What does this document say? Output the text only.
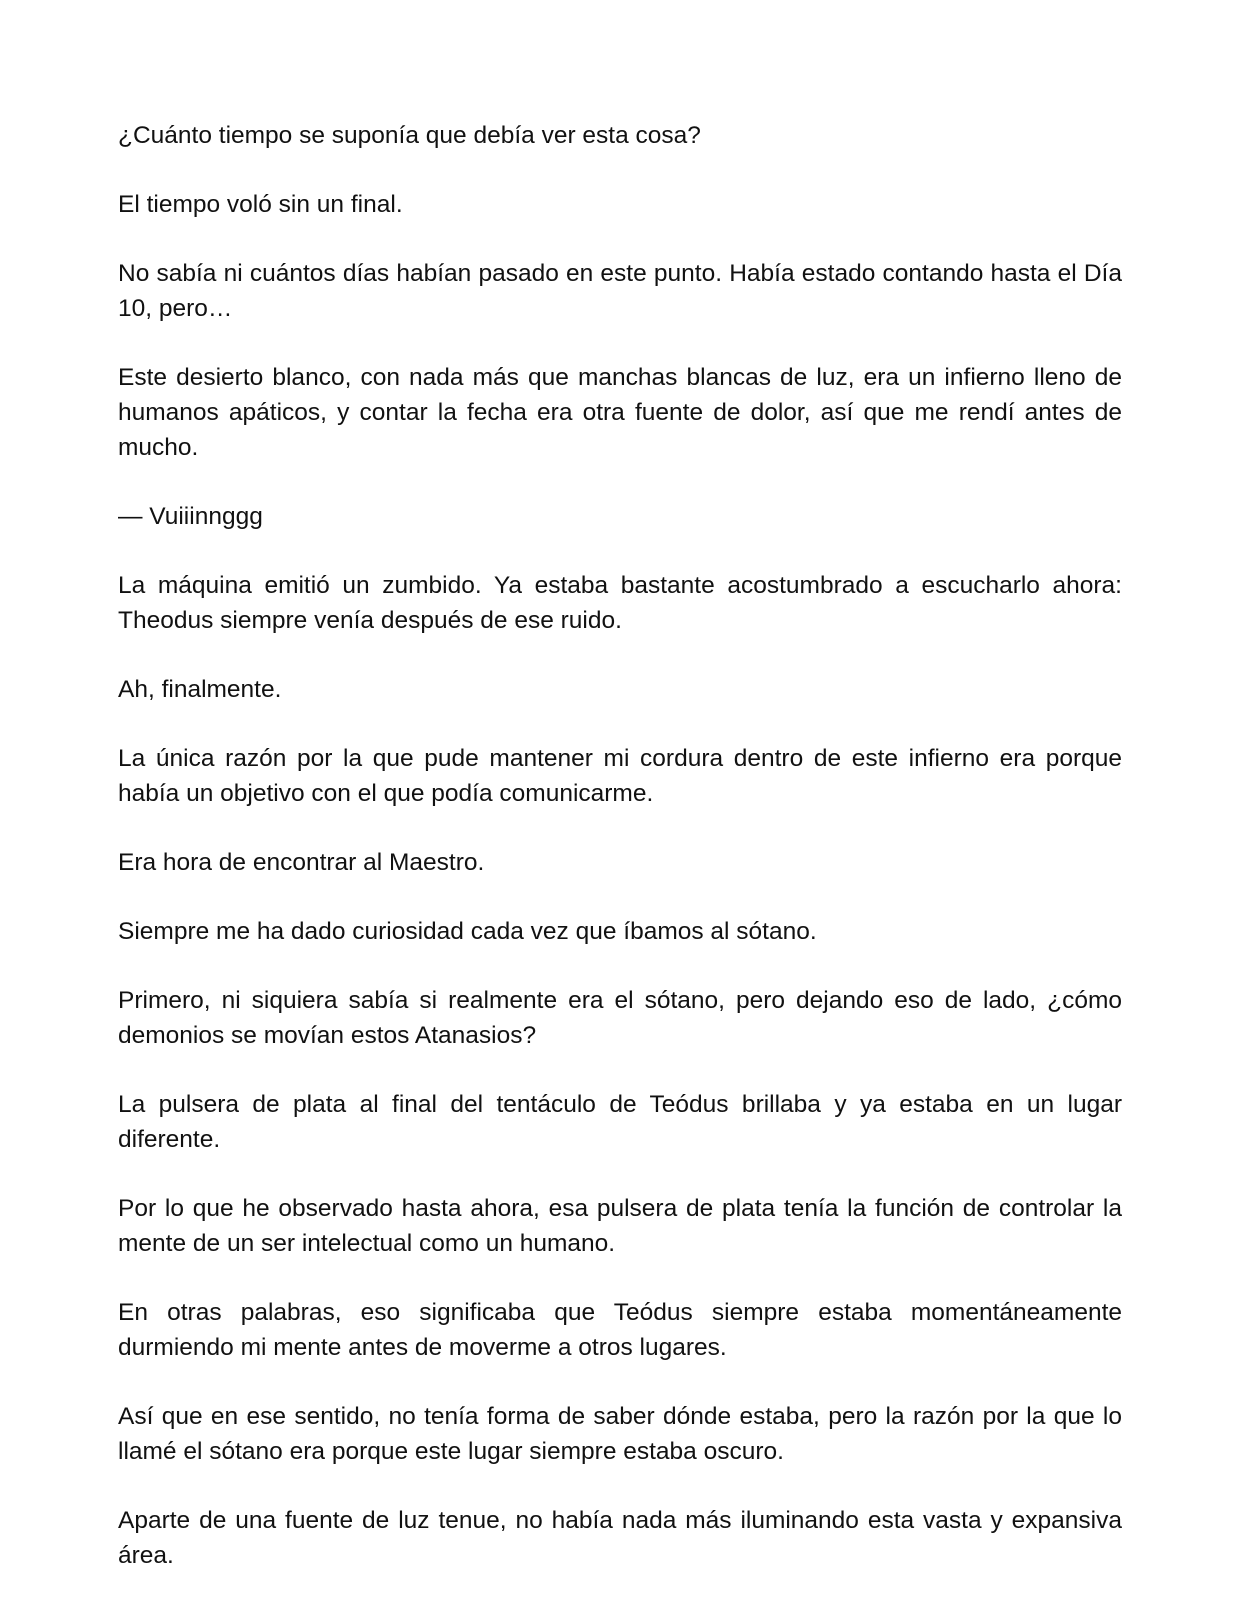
¿Cuánto tiempo se suponía que debía ver esta cosa?

El tiempo voló sin un final.

No sabía ni cuántos días habían pasado en este punto. Había estado contando hasta el Día 10, pero…

Este desierto blanco, con nada más que manchas blancas de luz, era un infierno lleno de humanos apáticos, y contar la fecha era otra fuente de dolor, así que me rendí antes de mucho.

— Vuiiinnggg

La máquina emitió un zumbido. Ya estaba bastante acostumbrado a escucharlo ahora: Theodus siempre venía después de ese ruido.

Ah, finalmente.

La única razón por la que pude mantener mi cordura dentro de este infierno era porque había un objetivo con el que podía comunicarme.

Era hora de encontrar al Maestro.

Siempre me ha dado curiosidad cada vez que íbamos al sótano.

Primero, ni siquiera sabía si realmente era el sótano, pero dejando eso de lado, ¿cómo demonios se movían estos Atanasios?

La pulsera de plata al final del tentáculo de Teódus brillaba y ya estaba en un lugar diferente.

Por lo que he observado hasta ahora, esa pulsera de plata tenía la función de controlar la mente de un ser intelectual como un humano.

En otras palabras, eso significaba que Teódus siempre estaba momentáneamente durmiendo mi mente antes de moverme a otros lugares.

Así que en ese sentido, no tenía forma de saber dónde estaba, pero la razón por la que lo llamé el sótano era porque este lugar siempre estaba oscuro.

Aparte de una fuente de luz tenue, no había nada más iluminando esta vasta y expansiva área.
